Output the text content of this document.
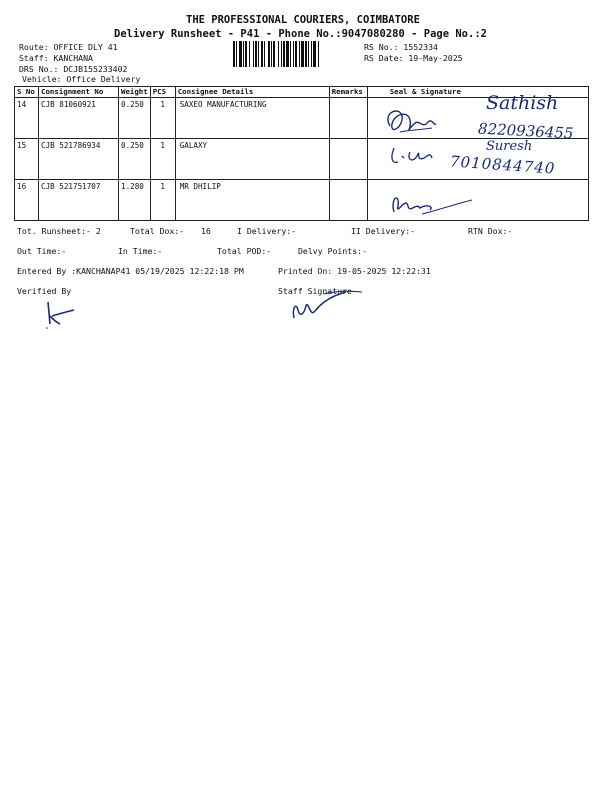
THE PROFESSIONAL COURIERS, COIMBATORE
Delivery Runsheet - P41 - Phone No.:9047080280 - Page No.:2
Route: OFFICE DLY 41
Staff: KANCHANA
DRS No.: DCJB155233402
Vehicle: Office Delivery
RS No.: 1552334
RS Date: 19-May-2025
S No	Consignment No	Weight	PCS	Consignee Details	Remarks	Seal & Signature
14	CJB 81060921	0.250	1	SAXEO MANUFACTURING		
15	CJB 521786934	0.250	1	GALAXY		
16	CJB 521751707	1.280	1	MR DHILIP		
Sathish
8220936455
Suresh
7010844740
Tot. Runsheet:- 2	Total Dox:- 16	I Delivery:-	II Delivery:-	RTN Dox:-
Out Time:-	In Time:-	Total POD:-	Delvy Points:-
Entered By :KANCHANAP41 05/19/2025 12:22:18 PM	Printed On: 19-05-2025 12:22:31
Verified By	Staff Signature
